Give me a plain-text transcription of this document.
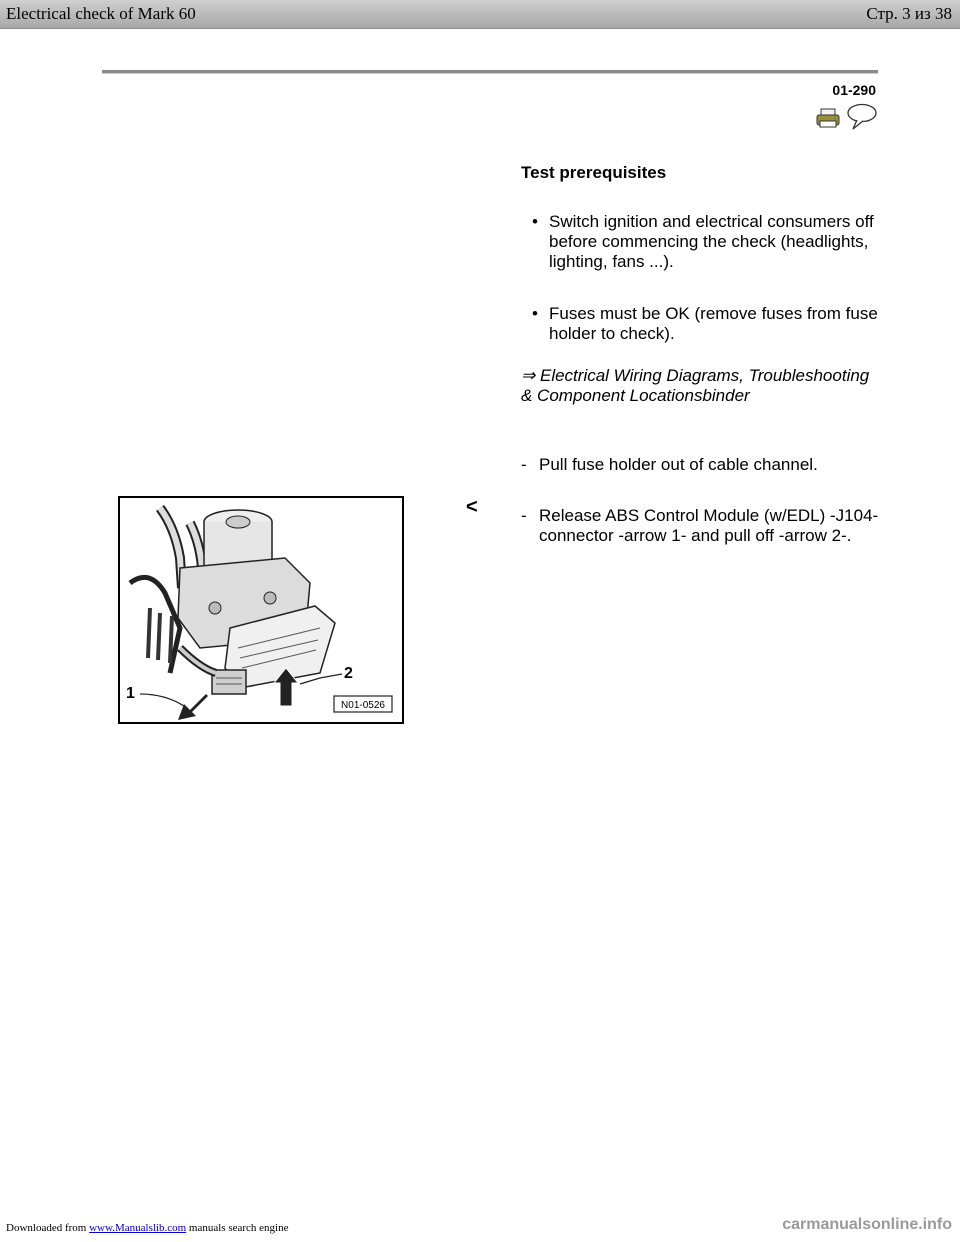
Electrical check of Mark 60	Стр. 3 из 38
01-290
Test prerequisites
• Switch ignition and electrical consumers off before commencing the check (headlights, lighting, fans ...).
• Fuses must be OK (remove fuses from fuse holder to check).
⇒ Electrical Wiring Diagrams, Troubleshooting & Component Locationsbinder
- Pull fuse holder out of cable channel.
<	- Release ABS Control Module (w/EDL) -J104- connector -arrow 1- and pull off -arrow 2-.
1
2
N01-0526
Downloaded from www.Manualslib.com manuals search engine	carmanualsonline.info
